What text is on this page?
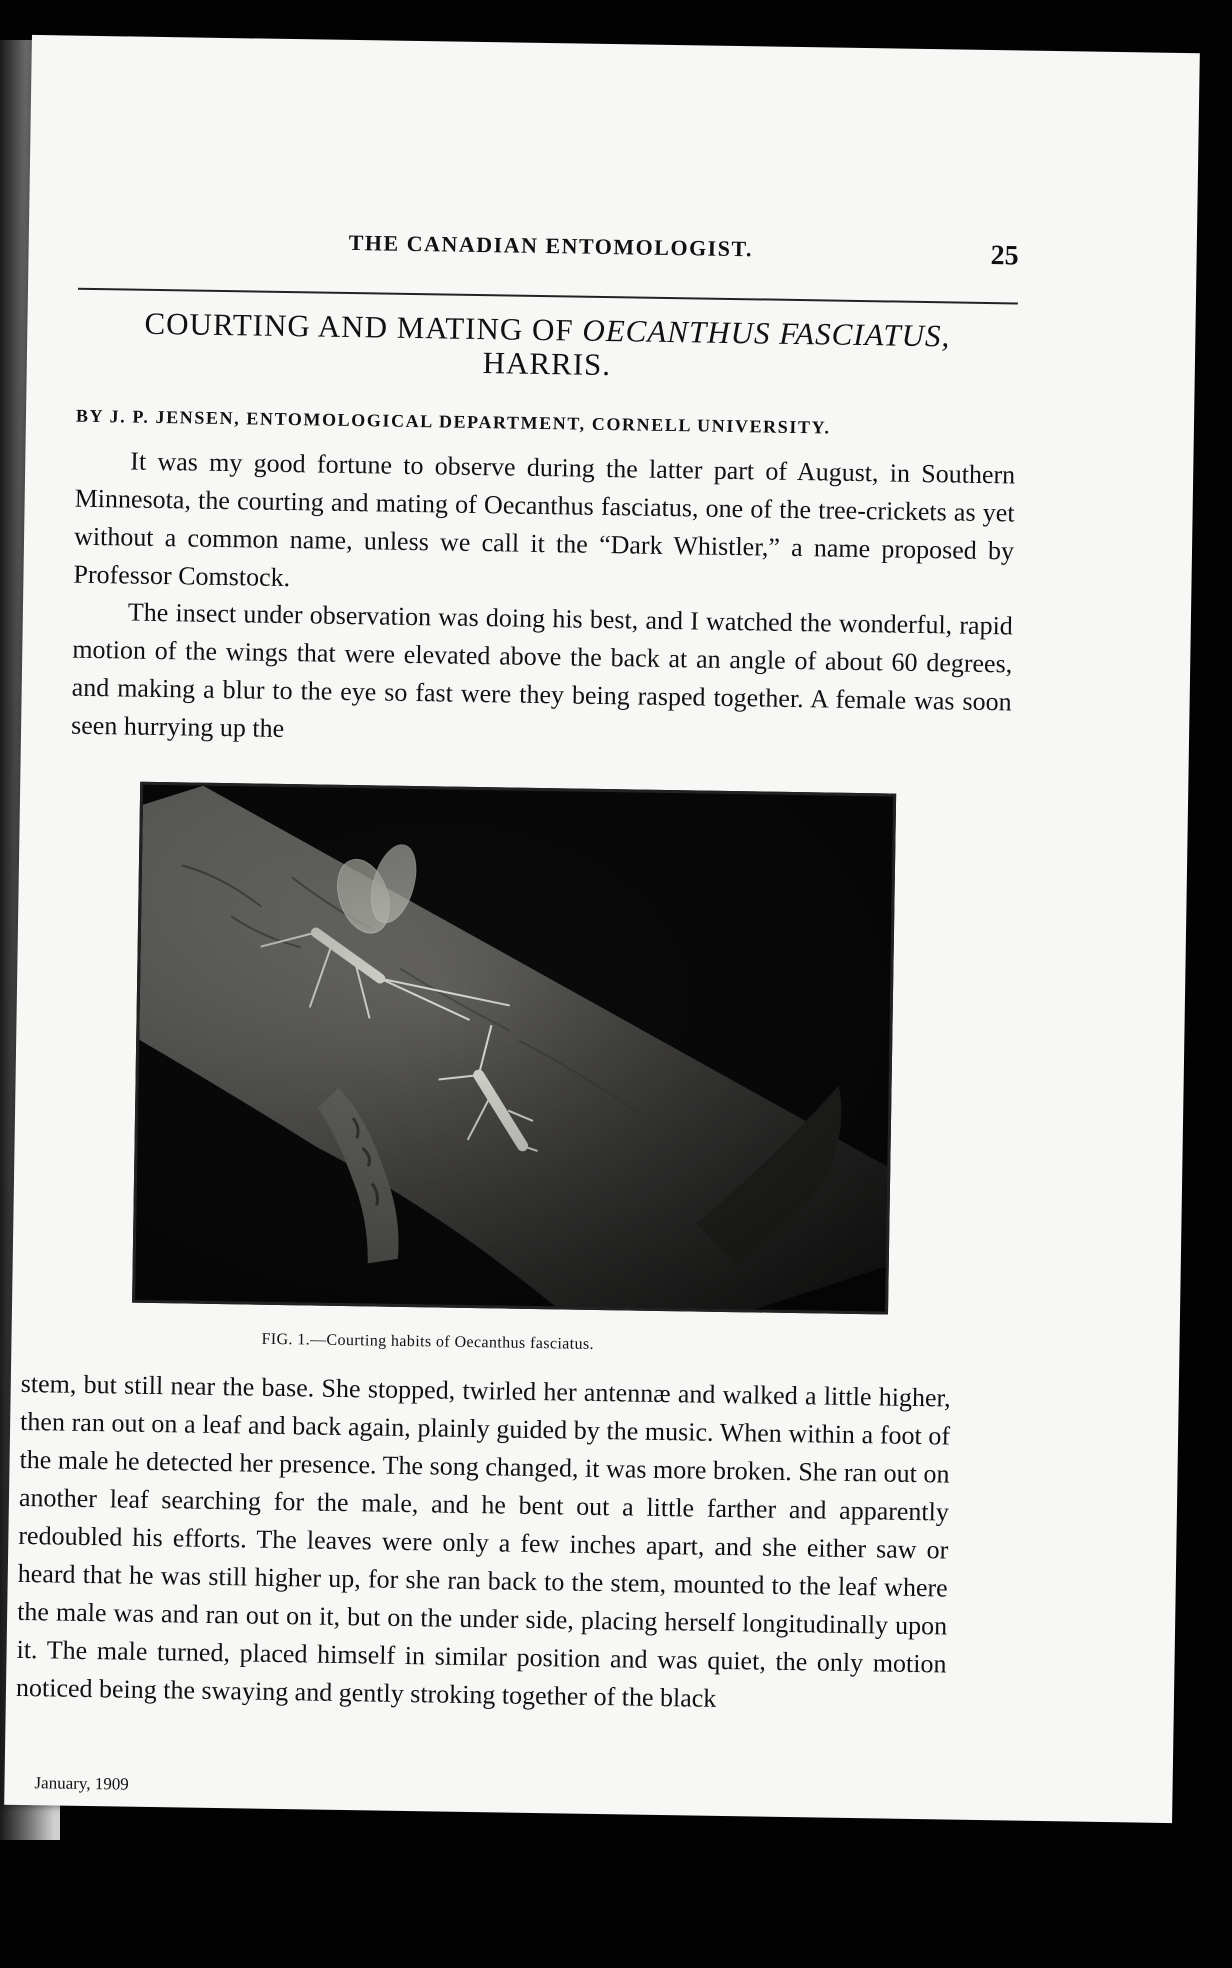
THE CANADIAN ENTOMOLOGIST.	25
COURTING AND MATING OF OECANTHUS FASCIATUS,
HARRIS.
BY J. P. JENSEN, ENTOMOLOGICAL DEPARTMENT, CORNELL UNIVERSITY.

It was my good fortune to observe during the latter part of August, in Southern Minnesota, the courting and mating of Oecanthus fasciatus, one of the tree-crickets as yet without a common name, unless we call it the “Dark Whistler,” a name proposed by Professor Comstock.

The insect under observation was doing his best, and I watched the wonderful, rapid motion of the wings that were elevated above the back at an angle of about 60 degrees, and making a blur to the eye so fast were they being rasped together. A female was soon seen hurrying up the

FIG. 1.—Courting habits of Oecanthus fasciatus.

stem, but still near the base. She stopped, twirled her antennæ and walked a little higher, then ran out on a leaf and back again, plainly guided by the music. When within a foot of the male he detected her presence. The song changed, it was more broken. She ran out on another leaf searching for the male, and he bent out a little farther and apparently redoubled his efforts. The leaves were only a few inches apart, and she either saw or heard that he was still higher up, for she ran back to the stem, mounted to the leaf where the male was and ran out on it, but on the under side, placing herself longitudinally upon it. The male turned, placed himself in similar position and was quiet, the only motion noticed being the swaying and gently stroking together of the black

January, 1909
